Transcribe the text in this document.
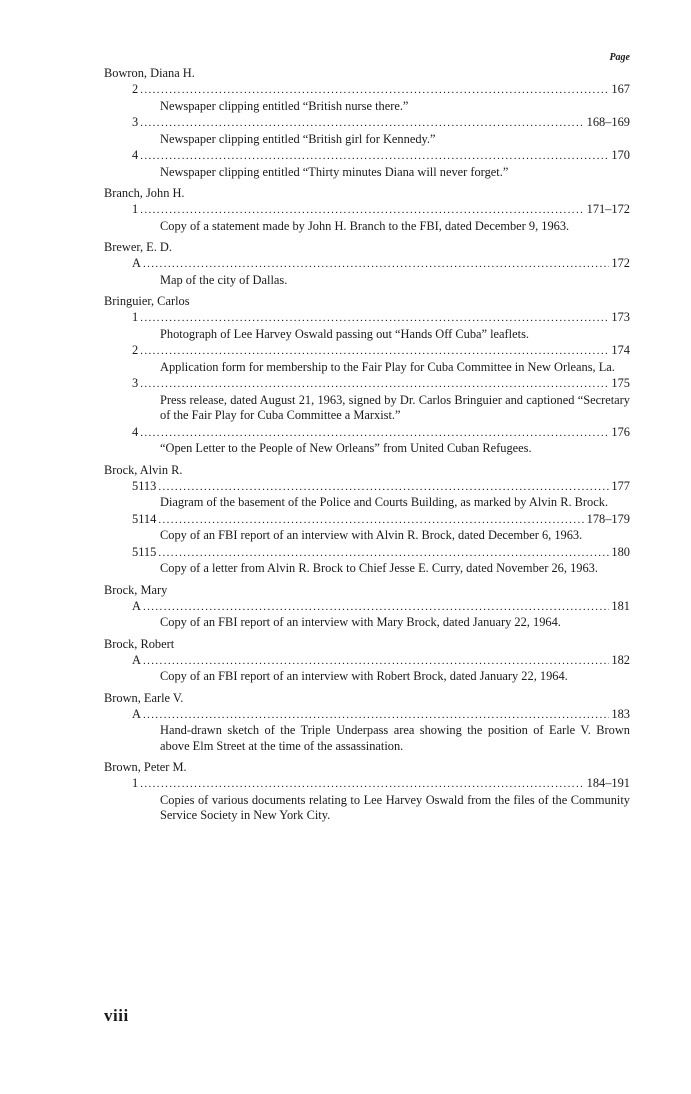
Page
Bowron, Diana H.
2 .....	167

Newspaper clipping entitled “British nurse there.”

3 .....	168–169

Newspaper clipping entitled “British girl for Kennedy.”

4 .....	170

Newspaper clipping entitled “Thirty minutes Diana will never forget.”

Branch, John H.
1 .....	171–172

Copy of a statement made by John H. Branch to the FBI, dated December 9, 1963.

Brewer, E. D.
A .....	172

Map of the city of Dallas.

Bringuier, Carlos
1 .....	173

Photograph of Lee Harvey Oswald passing out “Hands Off Cuba” leaflets.

2 .....	174

Application form for membership to the Fair Play for Cuba Committee in New Orleans, La.

3 .....	175

Press release, dated August 21, 1963, signed by Dr. Carlos Bringuier and captioned “Secretary of the Fair Play for Cuba Committee a Marxist.”

4 .....	176

“Open Letter to the People of New Orleans” from United Cuban Refugees.

Brock, Alvin R.
5113 .....	177

Diagram of the basement of the Police and Courts Building, as marked by Alvin R. Brock.

5114 .....	178–179

Copy of an FBI report of an interview with Alvin R. Brock, dated December 6, 1963.

5115 .....	180

Copy of a letter from Alvin R. Brock to Chief Jesse E. Curry, dated November 26, 1963.

Brock, Mary
A .....	181

Copy of an FBI report of an interview with Mary Brock, dated January 22, 1964.

Brock, Robert
A .....	182

Copy of an FBI report of an interview with Robert Brock, dated January 22, 1964.

Brown, Earle V.
A .....	183

Hand-drawn sketch of the Triple Underpass area showing the position of Earle V. Brown above Elm Street at the time of the assassination.

Brown, Peter M.
1 .....	184–191

Copies of various documents relating to Lee Harvey Oswald from the files of the Community Service Society in New York City.

viii
